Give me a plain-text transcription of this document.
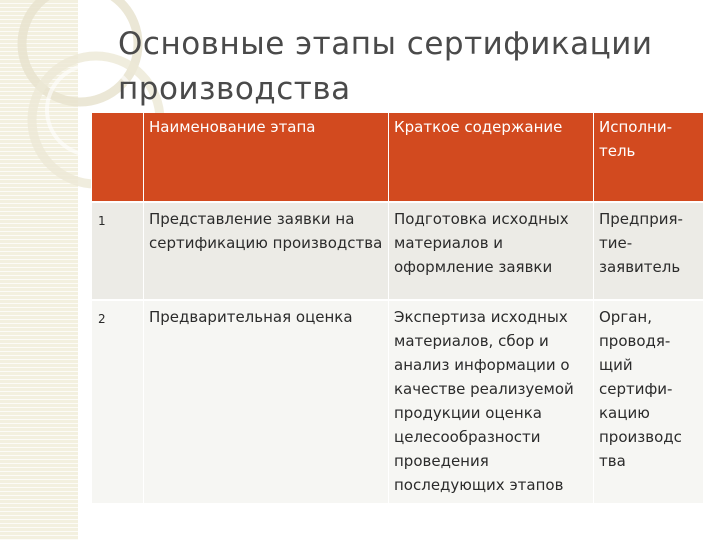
Основные этапы сертификации производства
	Наименование этапа	Краткое содержание	Исполни-тель
1	Представление заявки на сертификацию производства	Подготовка исходных материалов и оформление заявки	Предприя-тие-заявитель
2	Предварительная оценка	Экспертиза исходных материалов, сбор и анализ информации о качестве реализуемой продукции оценка целесообразности проведения последующих этапов	Орган, проводя-щий сертифи-кацию производс тва
